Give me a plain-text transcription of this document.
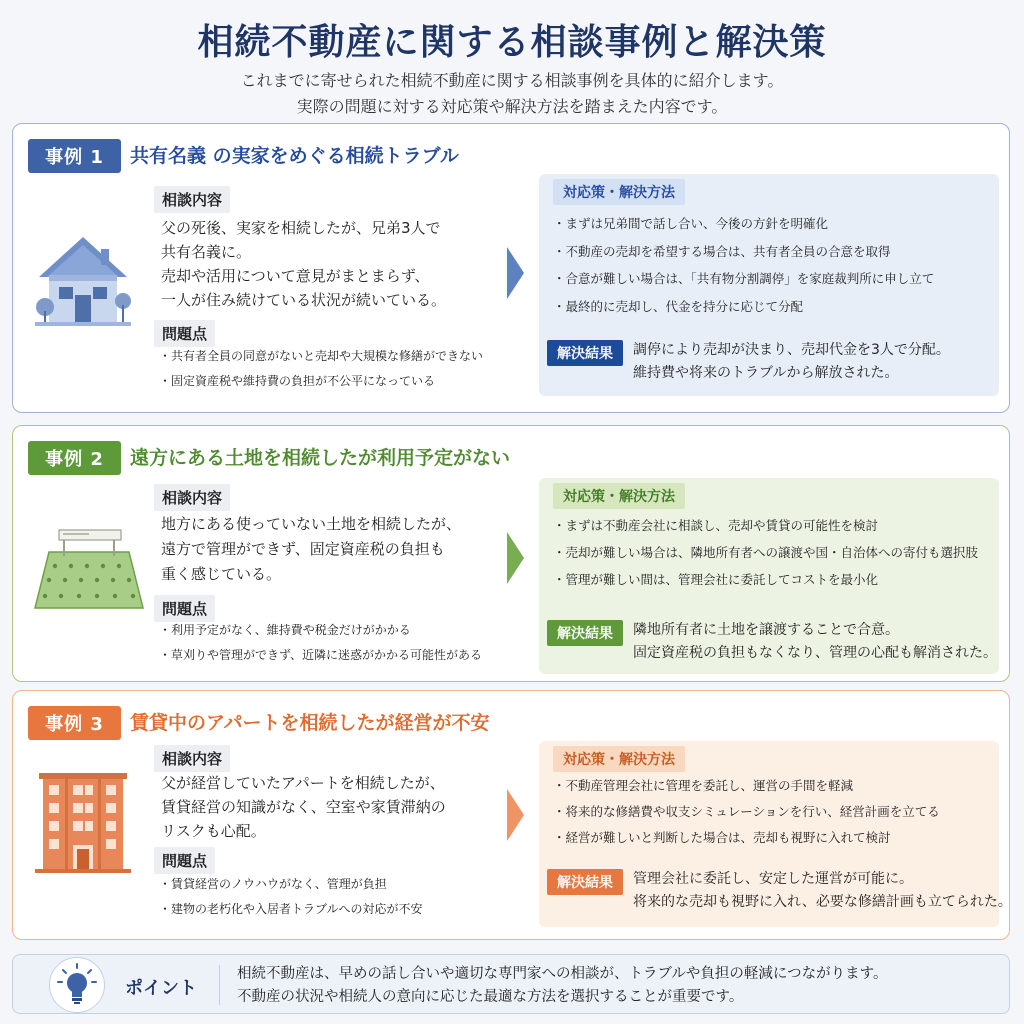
相続不動産に関する相談事例と解決策
これまでに寄せられた相続不動産に関する相談事例を具体的に紹介します。
実際の問題に対する対応策や解決方法を踏まえた内容です。
事例 1	共有名義 の実家をめぐる相続トラブル
相談内容
父の死後、実家を相続したが、兄弟3人で
共有名義に。
売却や活用について意見がまとまらず、
一人が住み続けている状況が続いている。
問題点
・ 共有者全員の同意がないと売却や大規模な修繕ができない
・ 固定資産税や維持費の負担が不公平になっている
対応策・解決方法
・ まずは兄弟間で話し合い、今後の方針を明確化
・ 不動産の売却を希望する場合は、共有者全員の合意を取得
・ 合意が難しい場合は、「共有物分割調停」を家庭裁判所に申し立て
・ 最終的に売却し、代金を持分に応じて分配
解決結果	調停により売却が決まり、売却代金を3人で分配。
維持費や将来のトラブルから解放された。
事例 2	遠方にある土地を相続したが利用予定がない
相談内容
地方にある使っていない土地を相続したが、
遠方で管理ができず、固定資産税の負担も
重く感じている。
問題点
・ 利用予定がなく、維持費や税金だけがかかる
・ 草刈りや管理ができず、近隣に迷惑がかかる可能性がある
対応策・解決方法
・ まずは不動産会社に相談し、売却や賃貸の可能性を検討
・ 売却が難しい場合は、隣地所有者への譲渡や国・自治体への寄付も選択肢
・ 管理が難しい間は、管理会社に委託してコストを最小化
解決結果	隣地所有者に土地を譲渡することで合意。
固定資産税の負担もなくなり、管理の心配も解消された。
事例 3	賃貸中のアパートを相続したが経営が不安
相談内容
父が経営していたアパートを相続したが、
賃貸経営の知識がなく、空室や家賃滞納の
リスクも心配。
問題点
・ 賃貸経営のノウハウがなく、管理が負担
・ 建物の老朽化や入居者トラブルへの対応が不安
対応策・解決方法
・ 不動産管理会社に管理を委託し、運営の手間を軽減
・ 将来的な修繕費や収支シミュレーションを行い、経営計画を立てる
・ 経営が難しいと判断した場合は、売却も視野に入れて検討
解決結果	管理会社に委託し、安定した運営が可能に。
将来的な売却も視野に入れ、必要な修繕計画も立てられた。
ポイント
相続不動産は、早めの話し合いや適切な専門家への相談が、トラブルや負担の軽減につながります。
不動産の状況や相続人の意向に応じた最適な方法を選択することが重要です。
